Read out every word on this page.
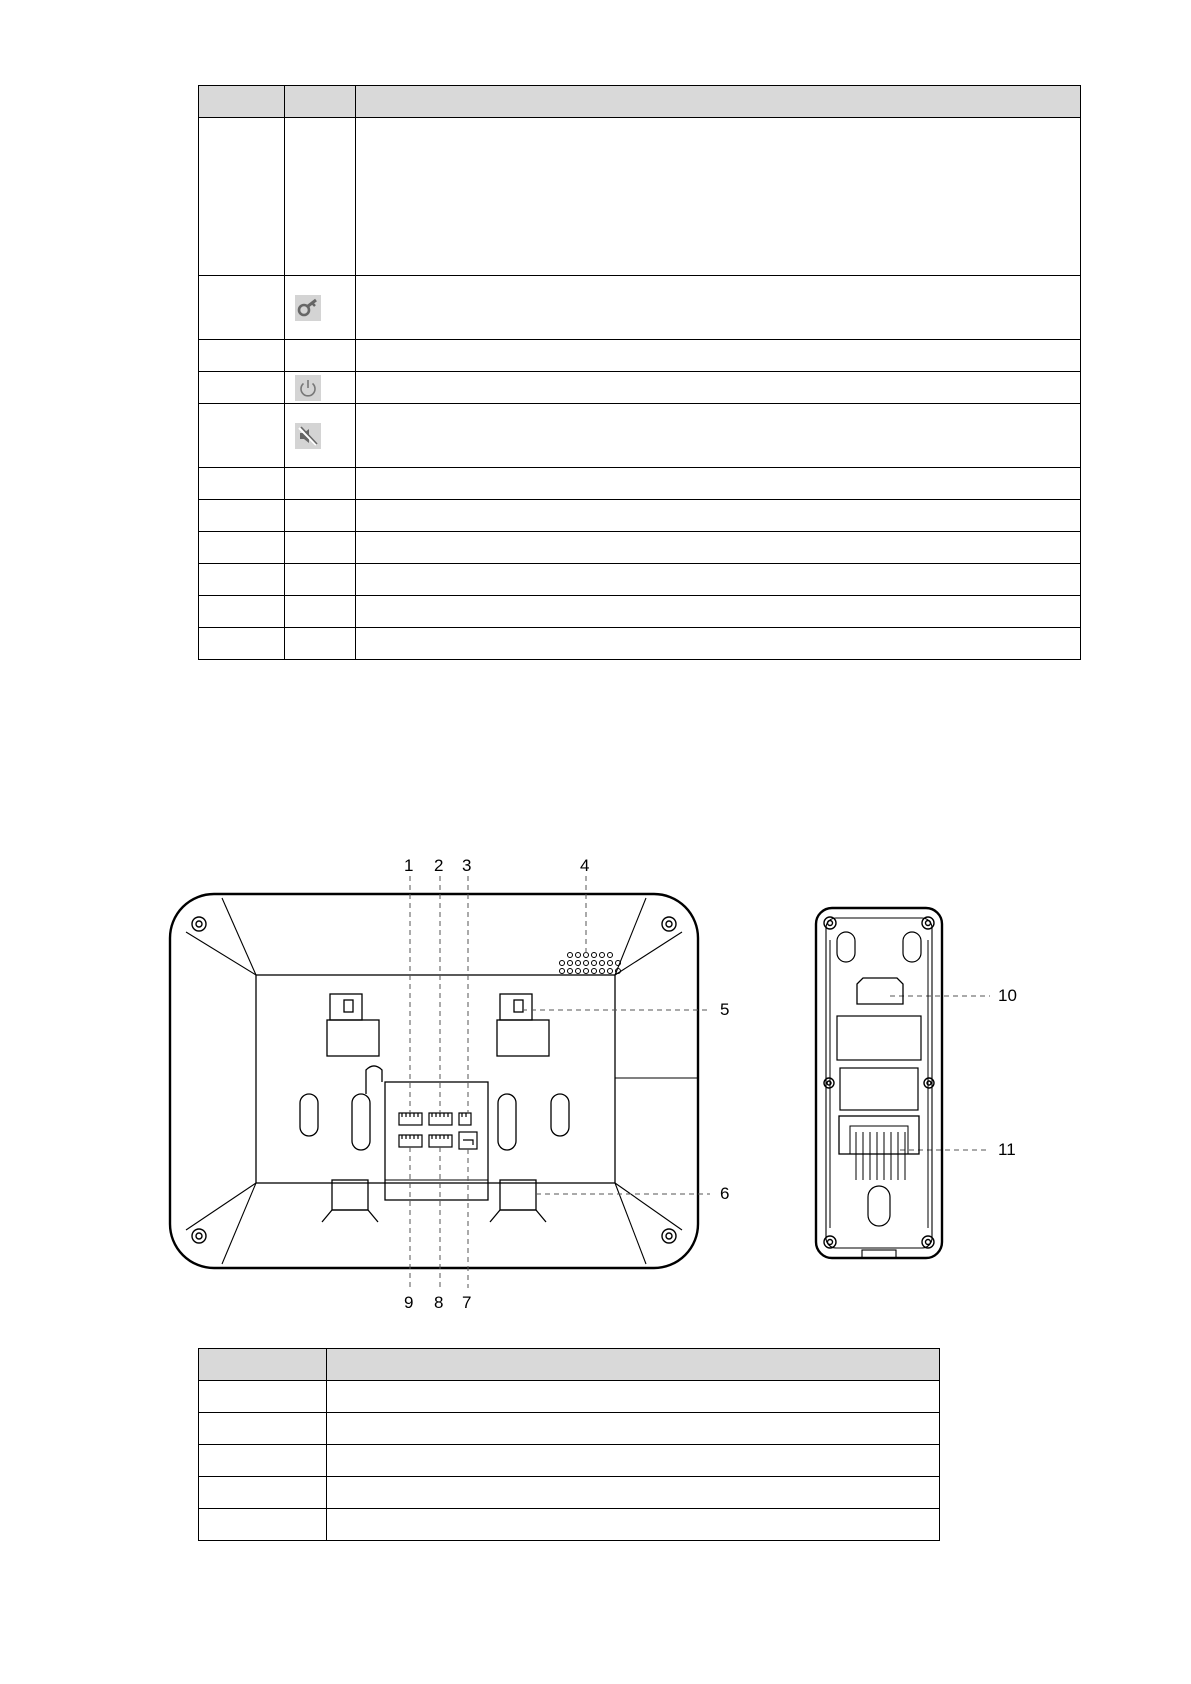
1 2 3	4
5
6
7
8
9
10
11
